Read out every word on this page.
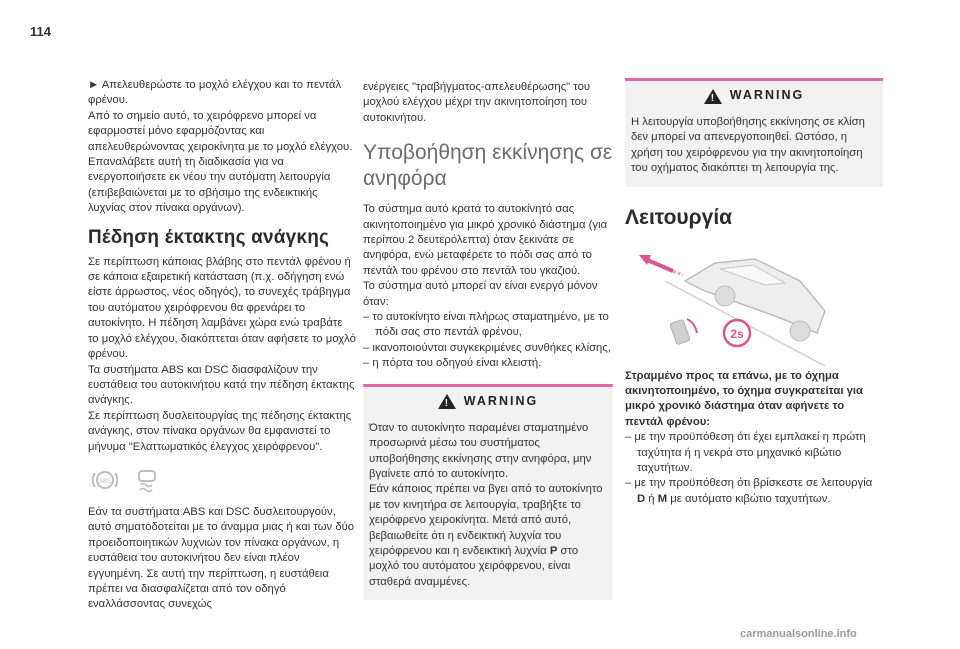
114

► Απελευθερώστε το μοχλό ελέγχου και το πεντάλ φρένου.

Από το σημείο αυτό, το χειρόφρενο μπορεί να εφαρμοστεί μόνο εφαρμόζοντας και απελευθερώνοντας χειροκίνητα με το μοχλό ελέγχου.

Επαναλάβετε αυτή τη διαδικασία για να ενεργοποιήσετε εκ νέου την αυτόματη λειτουργία (επιβεβαιώνεται με το σβήσιμο της ενδεικτικής λυχνίας στον πίνακα οργάνων).

Πέδηση έκτακτης ανάγκης

Σε περίπτωση κάποιας βλάβης στο πεντάλ φρένου ή σε κάποια εξαιρετική κατάσταση (π.χ. οδήγηση ενώ είστε άρρωστος, νέος οδηγός), το συνεχές τράβηγμα του αυτόματου χειρόφρενου θα φρενάρει το αυτοκίνητο. Η πέδηση λαμβάνει χώρα ενώ τραβάτε το μοχλό ελέγχου, διακόπτεται όταν αφήσετε το μοχλό φρένου.

Τα συστήματα ABS και DSC διασφαλίζουν την ευστάθεια του αυτοκινήτου κατά την πέδηση έκτακτης ανάγκης.

Σε περίπτωση δυσλειτουργίας της πέδησης έκτακτης ανάγκης, στον πίνακα οργάνων θα εμφανιστεί το μήνυμα "Ελαττωματικός έλεγχος χειρόφρενου".

ABS

Εάν τα συστήματα ABS και DSC δυσλειτουργούν, αυτό σηματοδοτείται με το άναμμα μιας ή και των δύο προειδοποιητικών λυχνιών τον πίνακα οργάνων, η ευστάθεια του αυτοκινήτου δεν είναι πλέον εγγυημένη. Σε αυτή την περίπτωση, η ευστάθεια πρέπει να διασφαλίζεται από τον οδηγό εναλλάσσοντας συνεχώς

ενέργειες "τραβήγματος-απελευθέρωσης" του μοχλού ελέγχου μέχρι την ακινητοποίηση του αυτοκινήτου.

Υποβοήθηση εκκίνησης σε ανηφόρα

Το σύστημα αυτό κρατά το αυτοκίνητό σας ακινητοποιημένο για μικρό χρονικό διάστημα (για περίπου 2 δευτερόλεπτα) όταν ξεκινάτε σε ανηφόρα, ενώ μεταφέρετε το πόδι σας από το πεντάλ του φρένου στο πεντάλ του γκαζιού.

Το σύστημα αυτό μπορεί αν είναι ενεργό μόνον όταν:

– το αυτοκίνητο είναι πλήρως σταματημένο, με το πόδι σας στο πεντάλ φρένου,

– ικανοποιούνται συγκεκριμένες συνθήκες κλίσης,

– η πόρτα του οδηγού είναι κλειστή.

!
WARNING

Όταν το αυτοκίνητο παραμένει σταματημένο προσωρινά μέσω του συστήματος υποβοήθησης εκκίνησης στην ανηφόρα, μην βγαίνετε από το αυτοκίνητο.

Εάν κάποιος πρέπει να βγει από το αυτοκίνητο με τον κινητήρα σε λειτουργία, τραβήξτε το χειρόφρενο χειροκίνητα. Μετά από αυτό, βεβαιωθείτε ότι η ενδεικτική λυχνία του χειρόφρενου και η ενδεικτική λυχνία P στο μοχλό του αυτόματου χειρόφρενου, είναι σταθερά αναμμένες.

!
WARNING

Η λειτουργία υποβοήθησης εκκίνησης σε κλίση δεν μπορεί να απενεργοποιηθεί. Ωστόσο, η χρήση του χειρόφρενου για την ακινητοποίηση του οχήματος διακόπτει τη λειτουργία της.

Λειτουργία
2s

Στραμμένο προς τα επάνω, με το όχημα ακινητοποιημένο, το όχημα συγκρατείται για μικρό χρονικό διάστημα όταν αφήνετε το πεντάλ φρένου:

– με την προϋπόθεση ότι έχει εμπλακεί η πρώτη ταχύτητα ή η νεκρά στο μηχανικό κιβώτιο ταχυτήτων.

– με την προϋπόθεση ότι βρίσκεστε σε λειτουργία D ή M με αυτόματο κιβώτιο ταχυτήτων.

carmanualsonline.info
